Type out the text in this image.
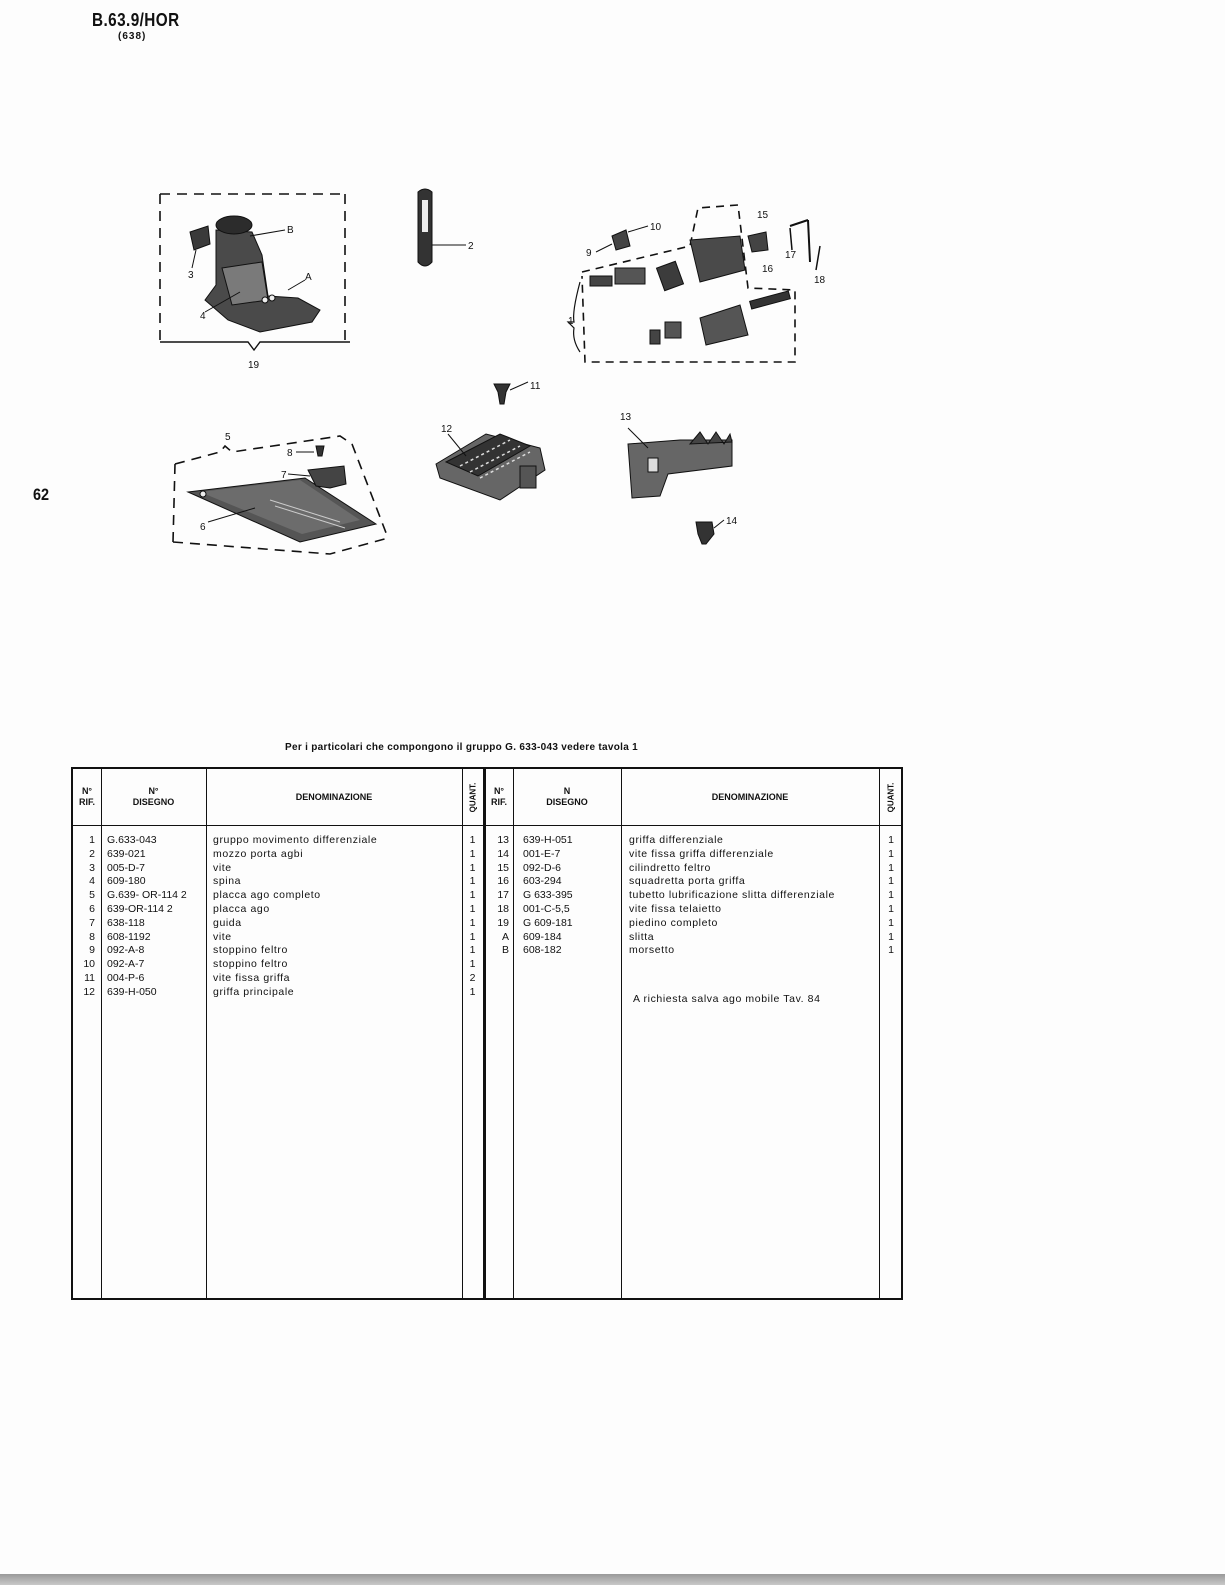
B.63.9/HOR
(638)
62
3
B
A
4
19
2
10
9
1
15
16
17
18
11
5
8
7
6
12
13
14
Per i particolari che compongono il gruppo G. 633-043 vedere tavola 1
N°
RIF.
N°
DISEGNO
DENOMINAZIONE	QUANT. N°
RIF.
N
DISEGNO
DENOMINAZIONE	QUANT.
1 G.633-043	gruppo movimento differenziale	1
2 639-021	mozzo porta agbi	1
3 005-D-7	vite	1
4 609-180	spina	1
5 G.639- OR-114 2	placca ago completo	1
6 639-OR-114 2	placca ago	1
7 638-118	guida	1
8 608-1192	vite	1
9 092-A-8	stoppino feltro	1
10 092-A-7	stoppino feltro	1
11 004-P-6	vite fissa griffa	2
12 639-H-050	griffa principale	1
13 639-H-051	griffa differenziale	1
14 001-E-7	vite fissa griffa differenziale	1
15 092-D-6	cilindretto feltro	1
16 603-294	squadretta porta griffa	1
17 G 633-395	tubetto lubrificazione slitta differenziale	1
18 001-C-5,5	vite fissa telaietto	1
19 G 609-181	piedino completo	1
A 609-184	slitta	1
B 608-182	morsetto	1
A richiesta salva ago mobile Tav. 84
